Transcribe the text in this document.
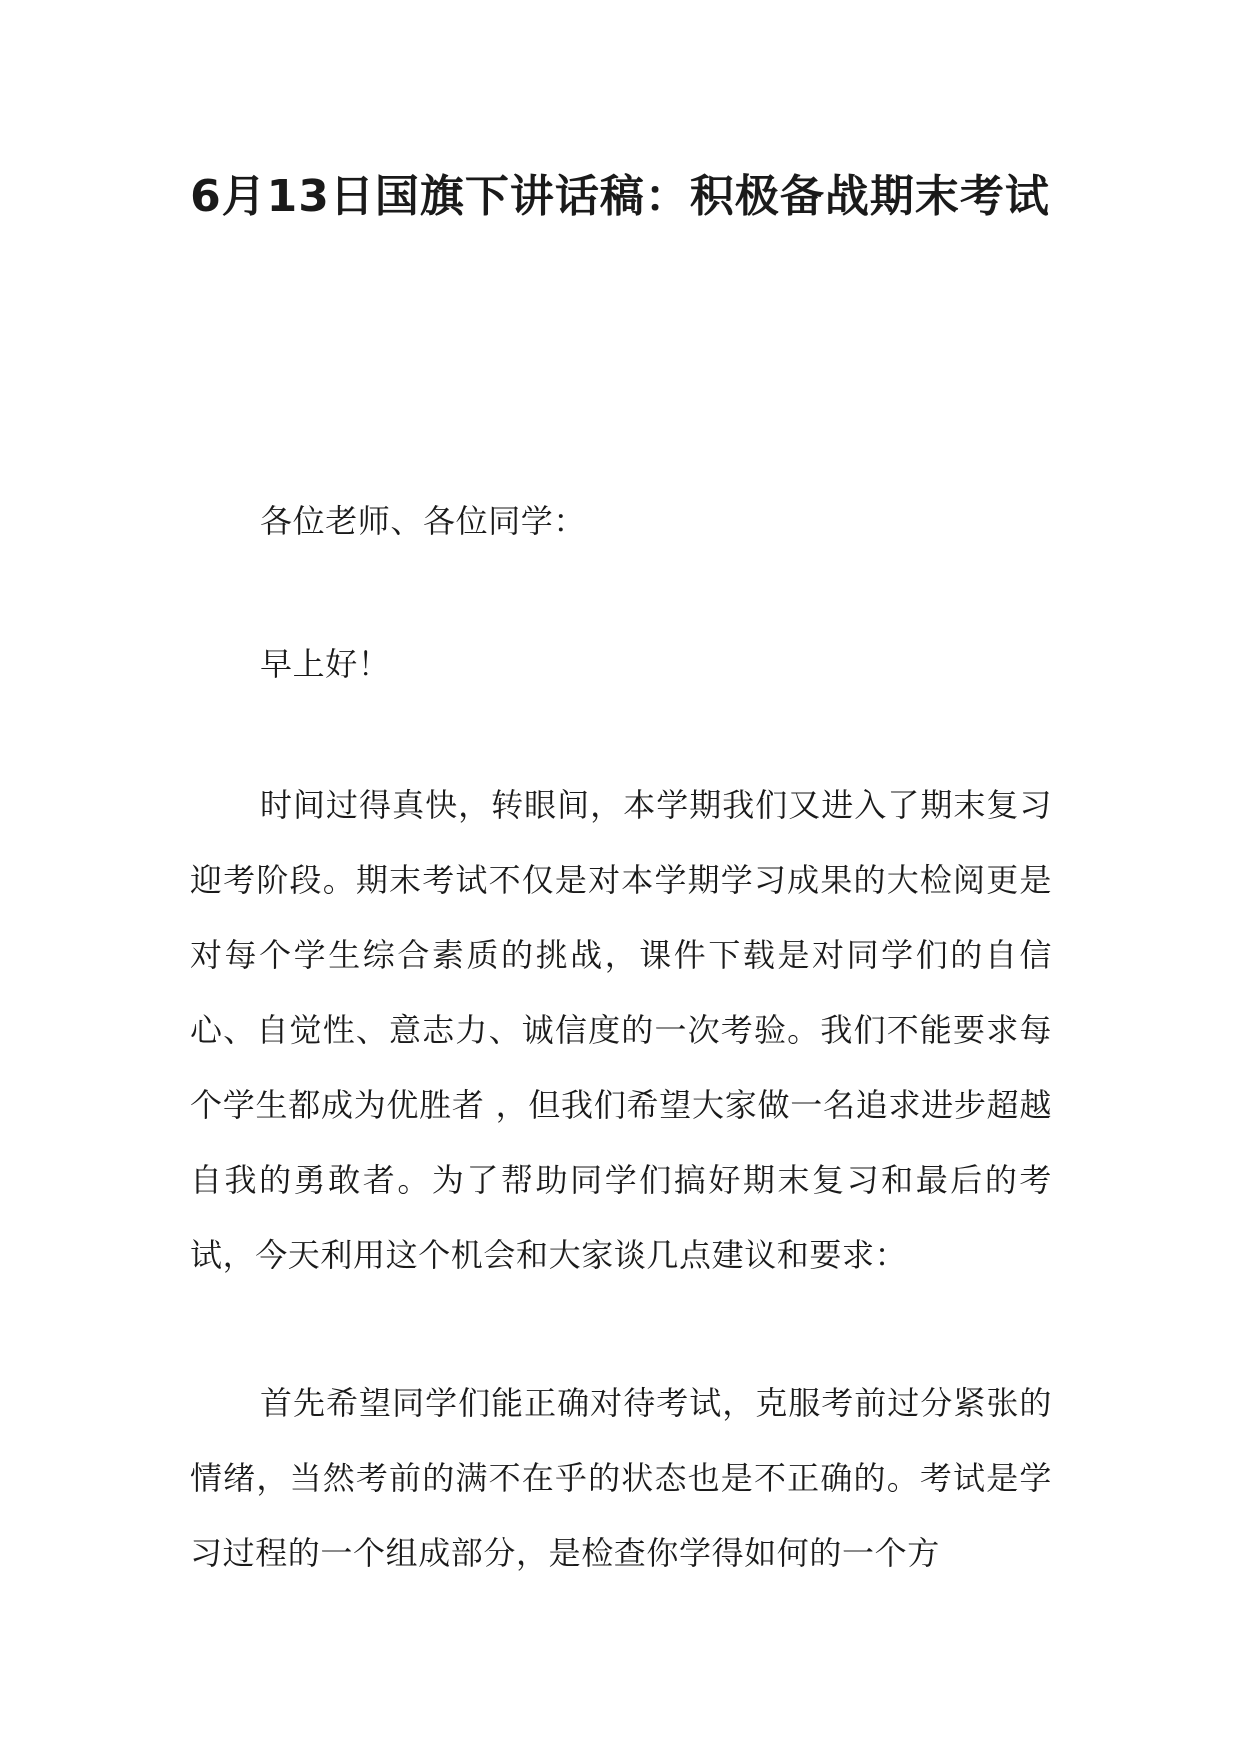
6月13日国旗下讲话稿：积极备战期末考试

各位老师、各位同学：

早上好！

时间过得真快，转眼间，本学期我们又进入了期末复习迎考阶段。期末考试不仅是对本学期学习成果的大检阅更是对每个学生综合素质的挑战，课件下载是对同学们的自信心、自觉性、意志力、诚信度的一次考验。我们不能要求每个学生都成为优胜者 ，但我们希望大家做一名追求进步超越自我的勇敢者。为了帮助同学们搞好期末复习和最后的考试，今天利用这个机会和大家谈几点建议和要求：

首先希望同学们能正确对待考试，克服考前过分紧张的情绪，当然考前的满不在乎的状态也是不正确的。考试是学习过程的一个组成部分，是检查你学得如何的一个方
